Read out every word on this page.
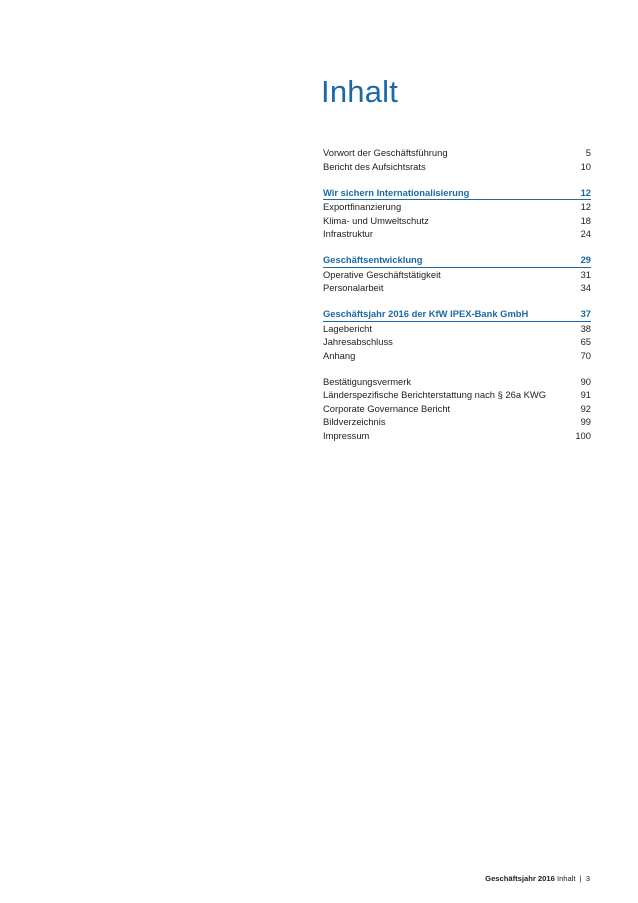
Inhalt
Vorwort der Geschäftsführung	5
Bericht des Aufsichtsrats	10
Wir sichern Internationalisierung	12
Exportfinanzierung	12
Klima- und Umweltschutz	18
Infrastruktur	24
Geschäftsentwicklung	29
Operative Geschäftstätigkeit	31
Personalarbeit	34
Geschäftsjahr 2016 der KfW IPEX-Bank GmbH	37
Lagebericht	38
Jahresabschluss	65
Anhang	70
Bestätigungsvermerk	90
Länderspezifische Berichterstattung nach § 26a KWG	91
Corporate Governance Bericht	92
Bildverzeichnis	99
Impressum	100
Geschäftsjahr 2016 Inhalt | 3
